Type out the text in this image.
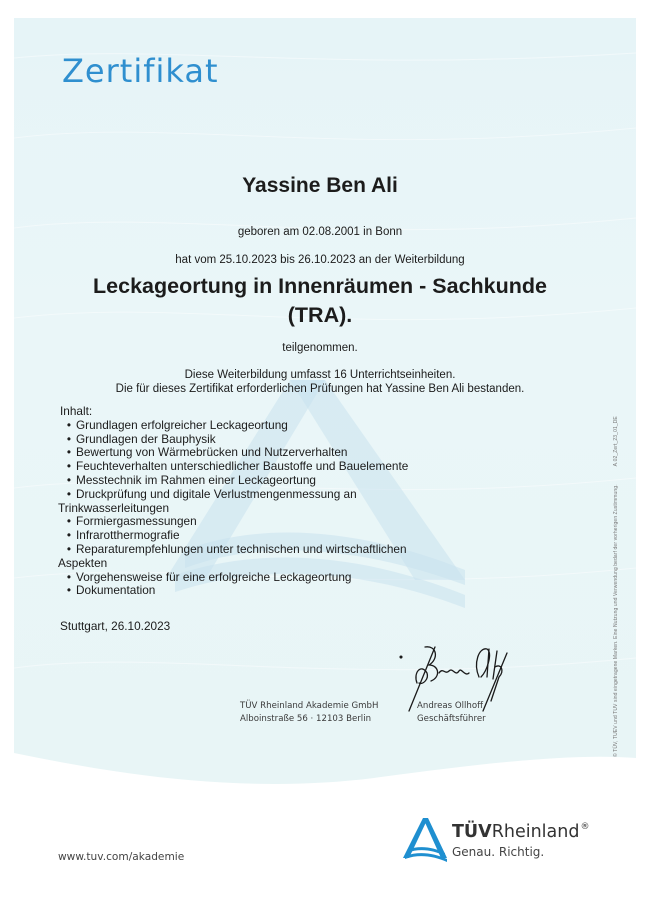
Zertifikat
Yassine Ben Ali
geboren am 02.08.2001 in Bonn
hat vom 25.10.2023 bis 26.10.2023 an der Weiterbildung
Leckageortung in Innenräumen - Sachkunde
(TRA).
teilgenommen.
Diese Weiterbildung umfasst 16 Unterrichtseinheiten.
Die für dieses Zertifikat erforderlichen Prüfungen hat Yassine Ben Ali bestanden.
Inhalt:
• Grundlagen erfolgreicher Leckageortung
• Grundlagen der Bauphysik
• Bewertung von Wärmebrücken und Nutzerverhalten
• Feuchteverhalten unterschiedlicher Baustoffe und Bauelemente
• Messtechnik im Rahmen einer Leckageortung
• Druckprüfung und digitale Verlustmengenmessung an
Trinkwasserleitungen
• Formiergasmessungen
• Infrarotthermografie
• Reparaturempfehlungen unter technischen und wirtschaftlichen
Aspekten
• Vorgehensweise für eine erfolgreiche Leckageortung
• Dokumentation
Stuttgart, 26.10.2023
TÜV Rheinland Akademie GmbH
Alboinstraße 56 · 12103 Berlin
Andreas Ollhoff
Geschäftsführer	© TÜV, TUEV und TUV sind eingetragene Marken. Eine Nutzung und Verwendung bedarf der vorherigen Zustimmung.A.02_Zert_23_01_DE
www.tuv.com/akademie
TÜVRheinland®
Genau. Richtig.
